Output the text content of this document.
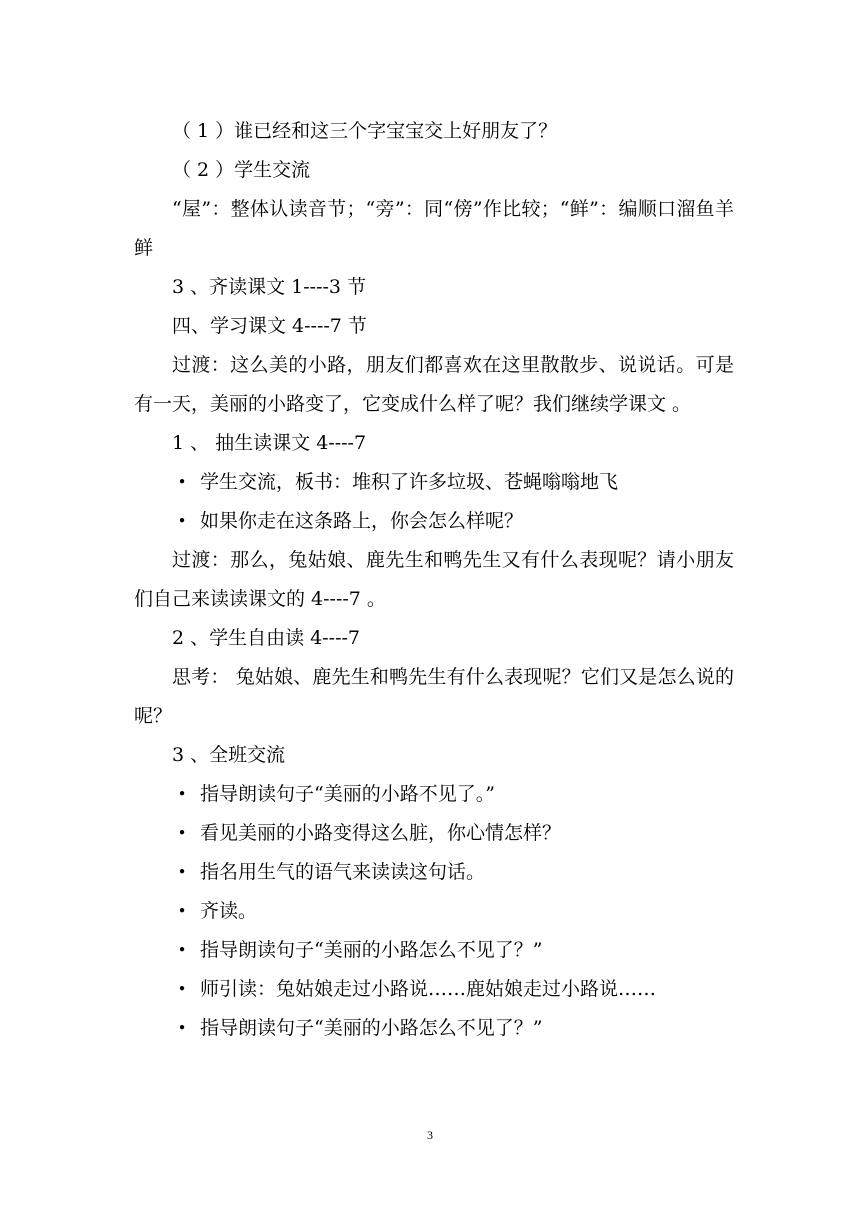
（ 1 ）谁已经和这三个字宝宝交上好朋友了？
（ 2 ）学生交流
“屋”：整体认读音节；“旁”：同“傍”作比较；“鲜”：编顺口溜鱼羊鲜
3 、齐读课文 1----3 节
四、学习课文 4----7 节
过渡：这么美的小路，朋友们都喜欢在这里散散步、说说话。可是有一天，美丽的小路变了，它变成什么样了呢？我们继续学课文 。
1 、 抽生读课文 4----7
• 学生交流，板书：堆积了许多垃圾、苍蝇嗡嗡地飞
• 如果你走在这条路上，你会怎么样呢？
过渡：那么，兔姑娘、鹿先生和鸭先生又有什么表现呢？请小朋友们自己来读读课文的 4----7 。
2 、学生自由读 4----7
思考： 兔姑娘、鹿先生和鸭先生有什么表现呢？它们又是怎么说的呢？
3 、全班交流
• 指导朗读句子“美丽的小路不见了。”
• 看见美丽的小路变得这么脏，你心情怎样？
• 指名用生气的语气来读读这句话。
• 齐读。
• 指导朗读句子“美丽的小路怎么不见了？”
• 师引读：兔姑娘走过小路说……鹿姑娘走过小路说……
• 指导朗读句子“美丽的小路怎么不见了？”
3
